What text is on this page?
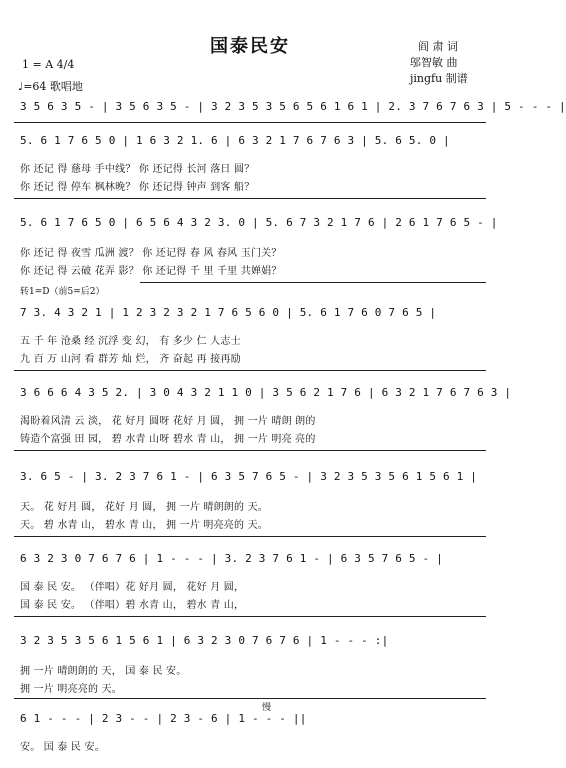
国泰民安
1 = A 4/4
♩=64 歌唱地
阎 肃 词
邬智敏 曲
jingfu 制谱
3 5 6 3 5 - | 3 5 6 3 5 - | 3 2 3 5 3 5 6 5 6 1 6 1 | 2. 3 7 6 7 6 3 | 5 - - - |
5. 6 1 7 6 5 0 | 1 6 3 2 1. 6 | 6 3 2 1 7 6 7 6 3 | 5. 6 5. 0 |
你 还记 得 慈母 手中线？ 你 还记得 长河 落日 圆？
你 还记 得 停车 枫林晚？ 你 还记得 钟声 到客 船？
5. 6 1 7 6 5 0 | 6 5 6 4 3 2 3. 0 | 5. 6 7 3 2 1 7 6 | 2 6 1 7 6 5 - |
你 还记 得 夜雪 瓜洲 渡？ 你 还记得 春 风 春风 玉门关？
你 还记 得 云破 花弄 影？ 你 还记得 千 里 千里 共婵娟？
转1=D（前5=后2）
7 3. 4 3 2 1 | 1 2 3 2 3 2 1 7 6 5 6 0 | 5. 6 1 7 6 0 7 6 5 |
五 千 年 沧桑 经 沉浮 变 幻， 有 多少 仁 人志士
九 百 万 山河 看 群芳 灿 烂， 齐 奋起 再 接再励
3 6 6 6 4 3 5 2. | 3 0 4 3 2 1 1 0 | 3 5 6 2 1 7 6 | 6 3 2 1 7 6 7 6 3 |
渴盼着风清 云 淡， 花 好月 圆呀 花好 月 圆， 拥 一片 晴朗 朗的
铸造个富强 田 园， 碧 水青 山呀 碧水 青 山， 拥 一片 明亮 亮的
3. 6 5 - | 3. 2 3 7 6 1 - | 6 3 5 7 6 5 - | 3 2 3 5 3 5 6 1 5 6 1 |
天。 花 好月 圆， 花好 月 圆， 拥 一片 晴朗朗的 天。
天。 碧 水青 山， 碧水 青 山， 拥 一片 明亮亮的 天。
6 3 2 3 0 7 6 7 6 | 1 - - - | 3. 2 3 7 6 1 - | 6 3 5 7 6 5 - |
国 泰 民 安。 （伴唱）花 好月 圆， 花好 月 圆，
国 泰 民 安。 （伴唱）碧 水青 山， 碧水 青 山，
3 2 3 5 3 5 6 1 5 6 1 | 6 3 2 3 0 7 6 7 6 | 1 - - - :|
拥 一片 晴朗朗的 天， 国 泰 民 安。
拥 一片 明亮亮的 天。
慢
6 1 - - - | 2 3 - - | 2 3 - 6 | 1 - - - ||
安。 国 泰 民 安。
